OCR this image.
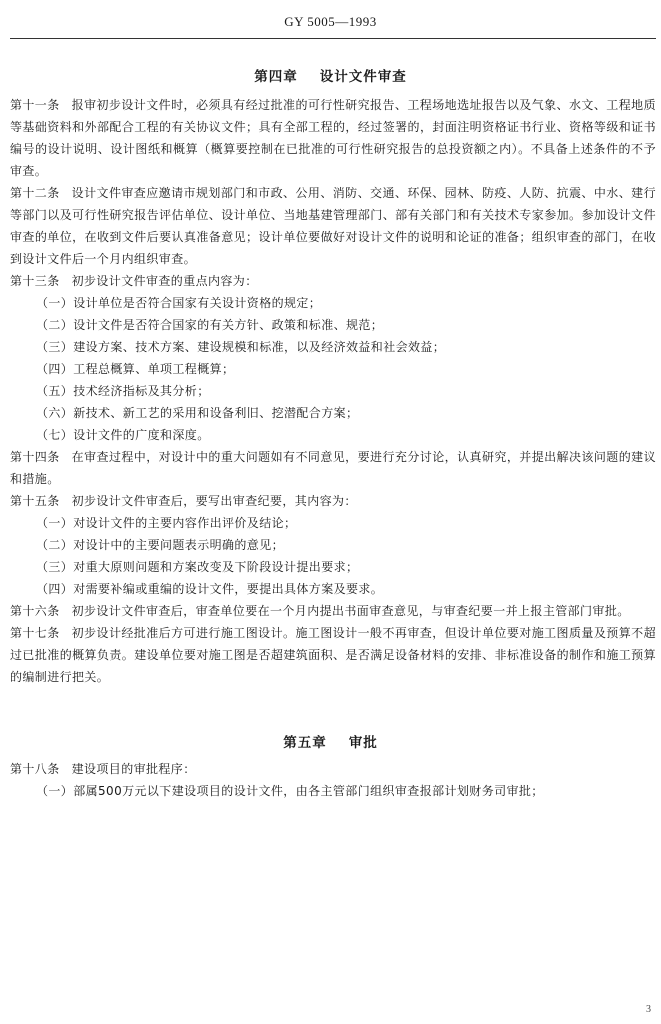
GY 5005—1993
第四章 设计文件审查

第十一条 报审初步设计文件时，必须具有经过批准的可行性研究报告、工程场地选址报告以及气象、水文、工程地质等基础资料和外部配合工程的有关协议文件；具有全部工程的，经过签署的，封面注明资格证书行业、资格等级和证书编号的设计说明、设计图纸和概算（概算要控制在已批准的可行性研究报告的总投资额之内）。不具备上述条件的不予审查。

第十二条 设计文件审查应邀请市规划部门和市政、公用、消防、交通、环保、园林、防疫、人防、抗震、中水、建行等部门以及可行性研究报告评估单位、设计单位、当地基建管理部门、部有关部门和有关技术专家参加。参加设计文件审查的单位，在收到文件后要认真准备意见；设计单位要做好对设计文件的说明和论证的准备；组织审查的部门，在收到设计文件后一个月内组织审查。

第十三条 初步设计文件审查的重点内容为：

（一）设计单位是否符合国家有关设计资格的规定；

（二）设计文件是否符合国家的有关方针、政策和标准、规范；

（三）建设方案、技术方案、建设规模和标准，以及经济效益和社会效益；

（四）工程总概算、单项工程概算；

（五）技术经济指标及其分析；

（六）新技术、新工艺的采用和设备利旧、挖潜配合方案；

（七）设计文件的广度和深度。

第十四条 在审查过程中，对设计中的重大问题如有不同意见，要进行充分讨论，认真研究，并提出解决该问题的建议和措施。

第十五条 初步设计文件审查后，要写出审查纪要，其内容为：

（一）对设计文件的主要内容作出评价及结论；

（二）对设计中的主要问题表示明确的意见；

（三）对重大原则问题和方案改变及下阶段设计提出要求；

（四）对需要补编或重编的设计文件，要提出具体方案及要求。

第十六条 初步设计文件审查后，审查单位要在一个月内提出书面审查意见，与审查纪要一并上报主管部门审批。

第十七条 初步设计经批准后方可进行施工图设计。施工图设计一般不再审查，但设计单位要对施工图质量及预算不超过已批准的概算负责。建设单位要对施工图是否超建筑面积、是否满足设备材料的安排、非标准设备的制作和施工预算的编制进行把关。

第五章 审批

第十八条 建设项目的审批程序：

（一）部属500万元以下建设项目的设计文件，由各主管部门组织审查报部计划财务司审批；

3
